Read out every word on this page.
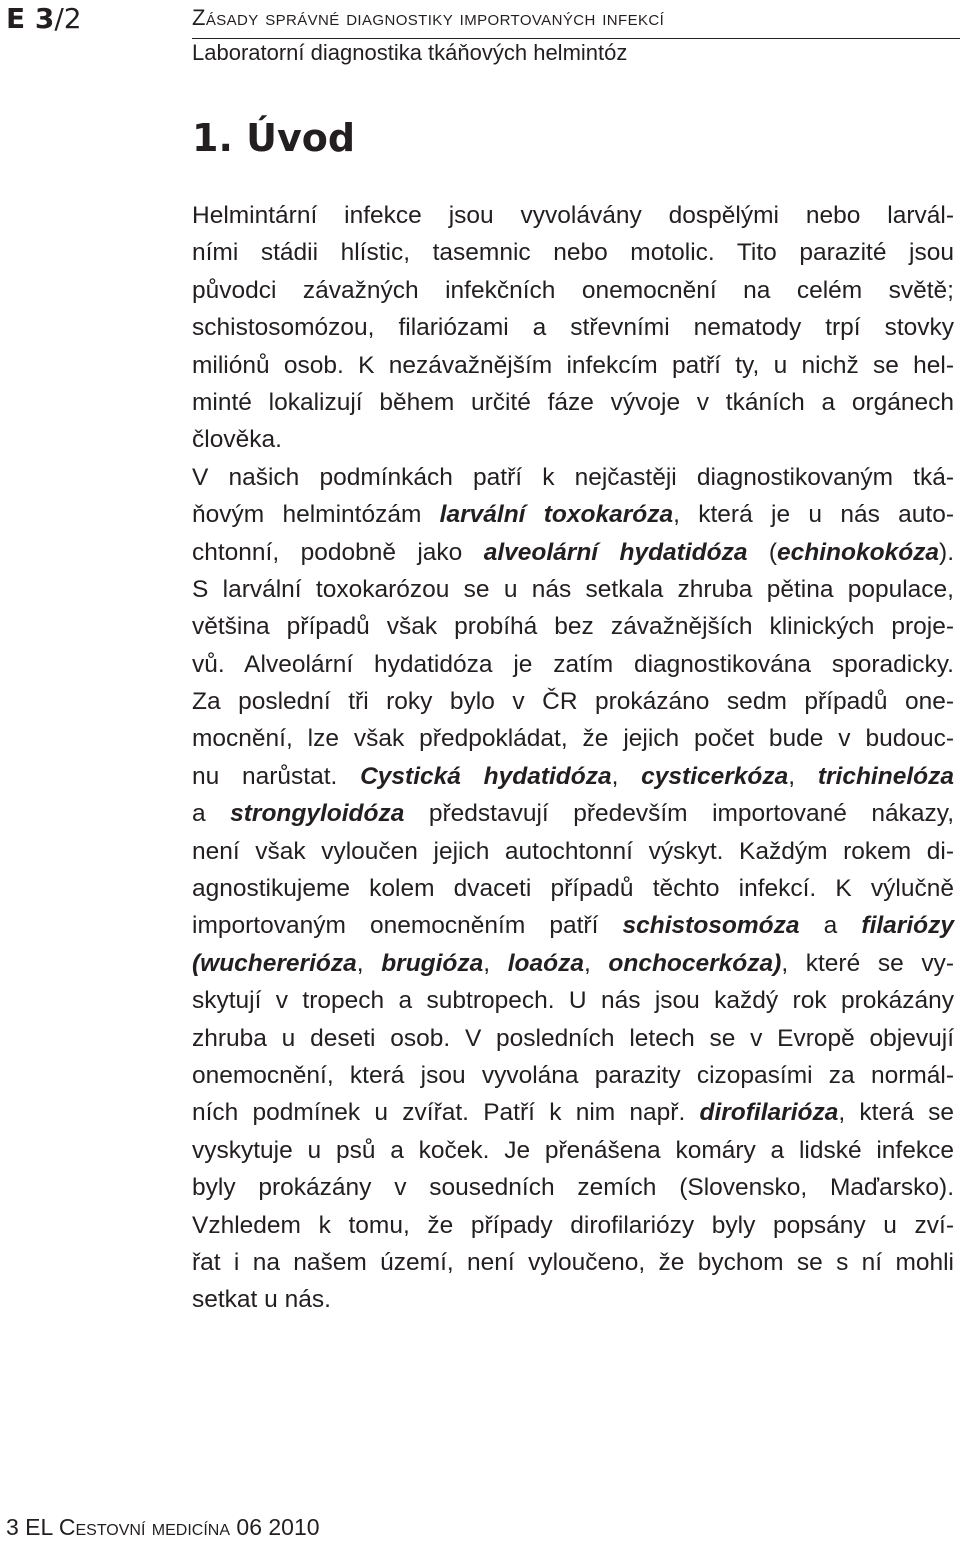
E 3/2	Zásady správné diagnostiky importovaných infekcí
Laboratorní diagnostika tkáňových helmintóz
1. Úvod
Helmintární infekce jsou vyvolávány dospělými nebo larvál-
ními stádii hlístic, tasemnic nebo motolic. Tito parazité jsou
původci závažných infekčních onemocnění na celém světě;
schistosomózou, filariózami a střevními nematody trpí stovky
miliónů osob. K nezávažnějším infekcím patří ty, u nichž se hel-
minté lokalizují během určité fáze vývoje v tkáních a orgánech
člověka.
V našich podmínkách patří k nejčastěji diagnostikovaným tká-
ňovým helmintózám larvální toxokaróza, která je u nás auto-
chtonní, podobně jako alveolární hydatidóza (echinokokóza).
S larvální toxokarózou se u nás setkala zhruba pětina populace,
většina případů však probíhá bez závažnějších klinických proje-
vů. Alveolární hydatidóza je zatím diagnostikována sporadicky.
Za poslední tři roky bylo v ČR prokázáno sedm případů one-
mocnění, lze však předpokládat, že jejich počet bude v budouc-
nu narůstat. Cystická hydatidóza, cysticerkóza, trichinelóza
a strongyloidóza představují především importované nákazy,
není však vyloučen jejich autochtonní výskyt. Každým rokem di-
agnostikujeme kolem dvaceti případů těchto infekcí. K výlučně
importovaným onemocněním patří schistosomóza a filariózy
(wuchererióza, brugióza, loaóza, onchocerkóza), které se vy-
skytují v tropech a subtropech. U nás jsou každý rok prokázány
zhruba u deseti osob. V posledních letech se v Evropě objevují
onemocnění, která jsou vyvolána parazity cizopasími za normál-
ních podmínek u zvířat. Patří k nim např. dirofilarióza, která se
vyskytuje u psů a koček. Je přenášena komáry a lidské infekce
byly prokázány v sousedních zemích (Slovensko, Maďarsko).
Vzhledem k tomu, že případy dirofilariózy byly popsány u zví-
řat i na našem území, není vyloučeno, že bychom se s ní mohli
setkat u nás.
3 EL Cestovní medicína 06 2010
